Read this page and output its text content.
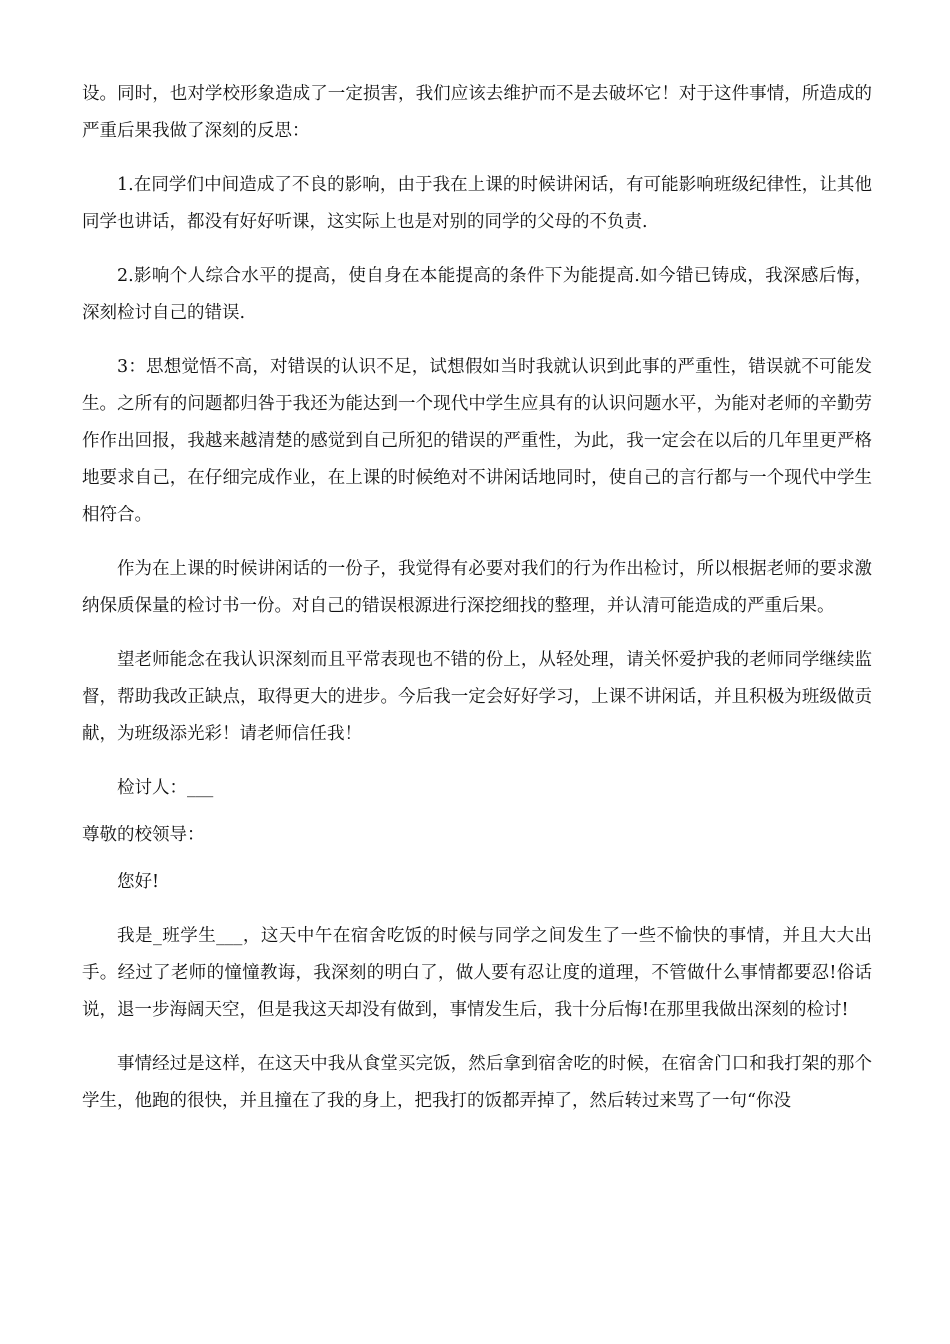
设。同时，也对学校形象造成了一定损害，我们应该去维护而不是去破坏它！对于这件事情，所造成的严重后果我做了深刻的反思：

1.在同学们中间造成了不良的影响，由于我在上课的时候讲闲话，有可能影响班级纪律性，让其他同学也讲话，都没有好好听课，这实际上也是对别的同学的父母的不负责.

2.影响个人综合水平的提高，使自身在本能提高的条件下为能提高.如今错已铸成，我深感后悔，深刻检讨自己的错误.

3：思想觉悟不高，对错误的认识不足，试想假如当时我就认识到此事的严重性，错误就不可能发生。之所有的问题都归咎于我还为能达到一个现代中学生应具有的认识问题水平，为能对老师的辛勤劳作作出回报，我越来越清楚的感觉到自己所犯的错误的严重性，为此，我一定会在以后的几年里更严格地要求自己，在仔细完成作业，在上课的时候绝对不讲闲话地同时，使自己的言行都与一个现代中学生相符合。

作为在上课的时候讲闲话的一份子，我觉得有必要对我们的行为作出检讨，所以根据老师的要求激纳保质保量的检讨书一份。对自己的错误根源进行深挖细找的整理，并认清可能造成的严重后果。

望老师能念在我认识深刻而且平常表现也不错的份上，从轻处理，请关怀爱护我的老师同学继续监督，帮助我改正缺点，取得更大的进步。今后我一定会好好学习，上课不讲闲话，并且积极为班级做贡献，为班级添光彩！请老师信任我！

检讨人：___

尊敬的校领导：

您好!

我是_班学生___，这天中午在宿舍吃饭的时候与同学之间发生了一些不愉快的事情，并且大大出手。经过了老师的憧憧教诲，我深刻的明白了，做人要有忍让度的道理，不管做什么事情都要忍!俗话说，退一步海阔天空，但是我这天却没有做到，事情发生后，我十分后悔!在那里我做出深刻的检讨!

事情经过是这样，在这天中我从食堂买完饭，然后拿到宿舍吃的时候，在宿舍门口和我打架的那个学生，他跑的很快，并且撞在了我的身上，把我打的饭都弄掉了，然后转过来骂了一句“你没
